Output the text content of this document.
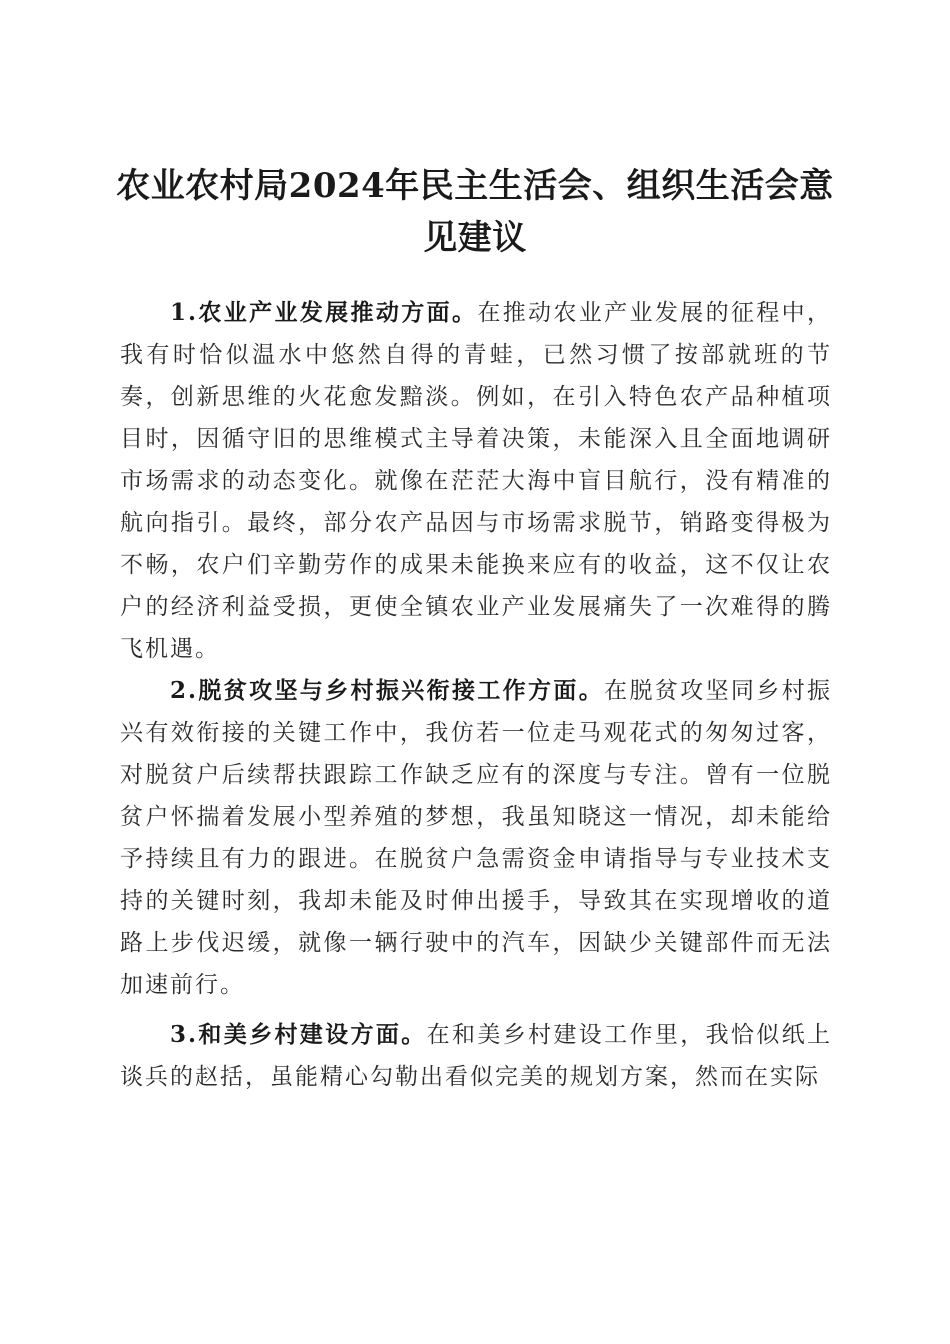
农业农村局2024年民主生活会、组织生活会意见建议

1.农业产业发展推动方面。在推动农业产业发展的征程中，我有时恰似温水中悠然自得的青蛙，已然习惯了按部就班的节奏，创新思维的火花愈发黯淡。例如，在引入特色农产品种植项目时，因循守旧的思维模式主导着决策，未能深入且全面地调研市场需求的动态变化。就像在茫茫大海中盲目航行，没有精准的航向指引。最终，部分农产品因与市场需求脱节，销路变得极为不畅，农户们辛勤劳作的成果未能换来应有的收益，这不仅让农户的经济利益受损，更使全镇农业产业发展痛失了一次难得的腾飞机遇。

2.脱贫攻坚与乡村振兴衔接工作方面。在脱贫攻坚同乡村振兴有效衔接的关键工作中，我仿若一位走马观花式的匆匆过客，对脱贫户后续帮扶跟踪工作缺乏应有的深度与专注。曾有一位脱贫户怀揣着发展小型养殖的梦想，我虽知晓这一情况，却未能给予持续且有力的跟进。在脱贫户急需资金申请指导与专业技术支持的关键时刻，我却未能及时伸出援手，导致其在实现增收的道路上步伐迟缓，就像一辆行驶中的汽车，因缺少关键部件而无法加速前行。

3.和美乡村建设方面。在和美乡村建设工作里，我恰似纸上谈兵的赵括，虽能精心勾勒出看似完美的规划方案，然而在实际
